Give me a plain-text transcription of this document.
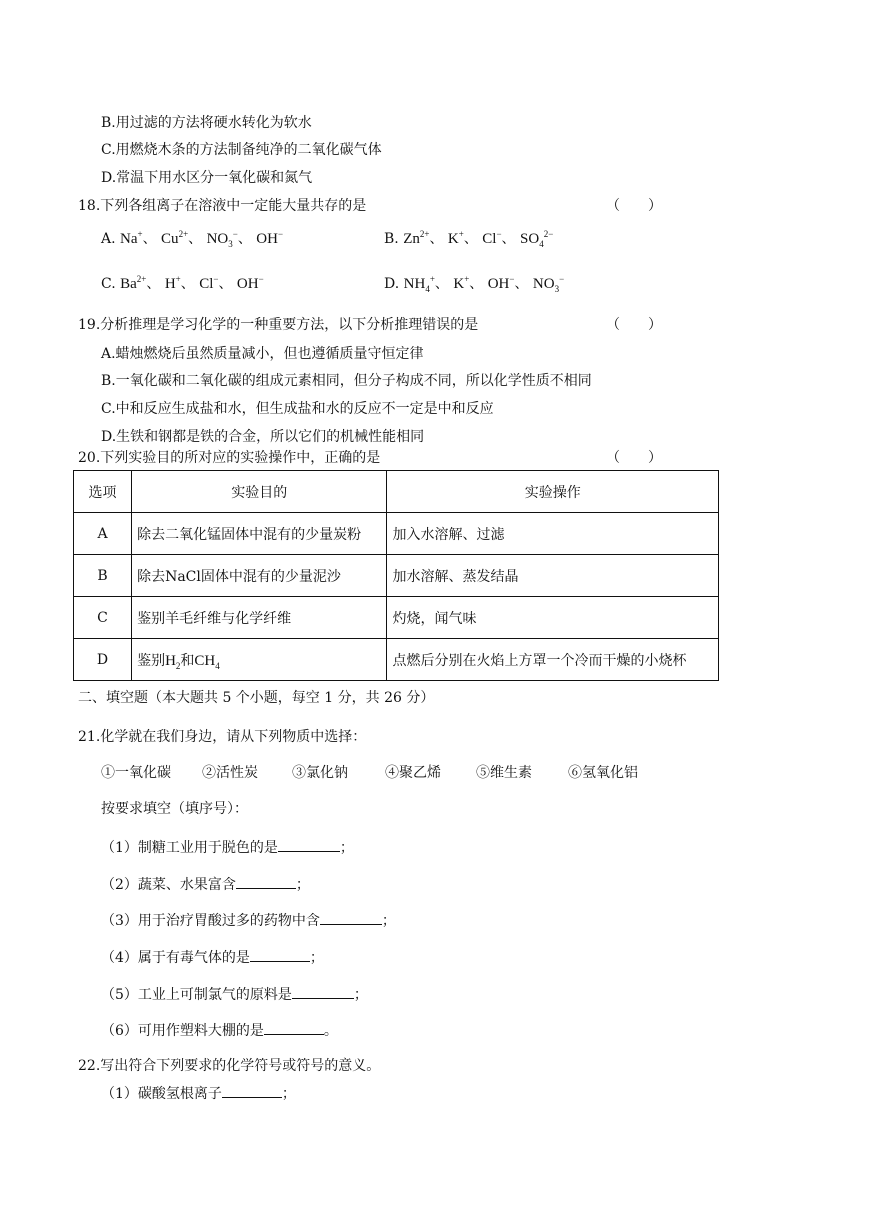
B.用过滤的方法将硬水转化为软水
C.用燃烧木条的方法制备纯净的二氧化碳气体
D.常温下用水区分一氧化碳和氮气
18.下列各组离子在溶液中一定能大量共存的是	（　　）
A. Na+、 $Cu^{2+}$、 $NO_3^-$、 OH−	B. $Zn^{2+}$、 K+、 Cl−、 $SO_4^{2-}$
C. $Ba^{2+}$、 H+、 Cl−、 OH−	D. $NH_4^+$、 K+、 OH−、 $NO_3^-$
19.分析推理是学习化学的一种重要方法，以下分析推理错误的是	（　　）
A.蜡烛燃烧后虽然质量减小，但也遵循质量守恒定律
B.一氧化碳和二氧化碳的组成元素相同，但分子构成不同，所以化学性质不相同
C.中和反应生成盐和水，但生成盐和水的反应不一定是中和反应
D.生铁和钢都是铁的合金，所以它们的机械性能相同
20.下列实验目的所对应的实验操作中，正确的是	（　　）
选项	实验目的	实验操作
A	除去二氧化锰固体中混有的少量炭粉	加入水溶解、过滤
B	除去NaCl固体中混有的少量泥沙	加水溶解、蒸发结晶
C	鉴别羊毛纤维与化学纤维	灼烧，闻气味
D	鉴别$H_2$和$CH_4$	点燃后分别在火焰上方罩一个冷而干燥的小烧杯
二、填空题（本大题共 5 个小题，每空 1 分，共 26 分）
21.化学就在我们身边，请从下列物质中选择：
①一氧化碳 ②活性炭 ③氯化钠	④聚乙烯	⑤维生素	⑥氢氧化铝
按要求填空（填序号）：
（1）制糖工业用于脱色的是	；
（2）蔬菜、水果富含	；
（3）用于治疗胃酸过多的药物中含	；
（4）属于有毒气体的是	；
（5）工业上可制氯气的原料是	；
（6）可用作塑料大棚的是	。
22.写出符合下列要求的化学符号或符号的意义。
（1）碳酸氢根离子	；
